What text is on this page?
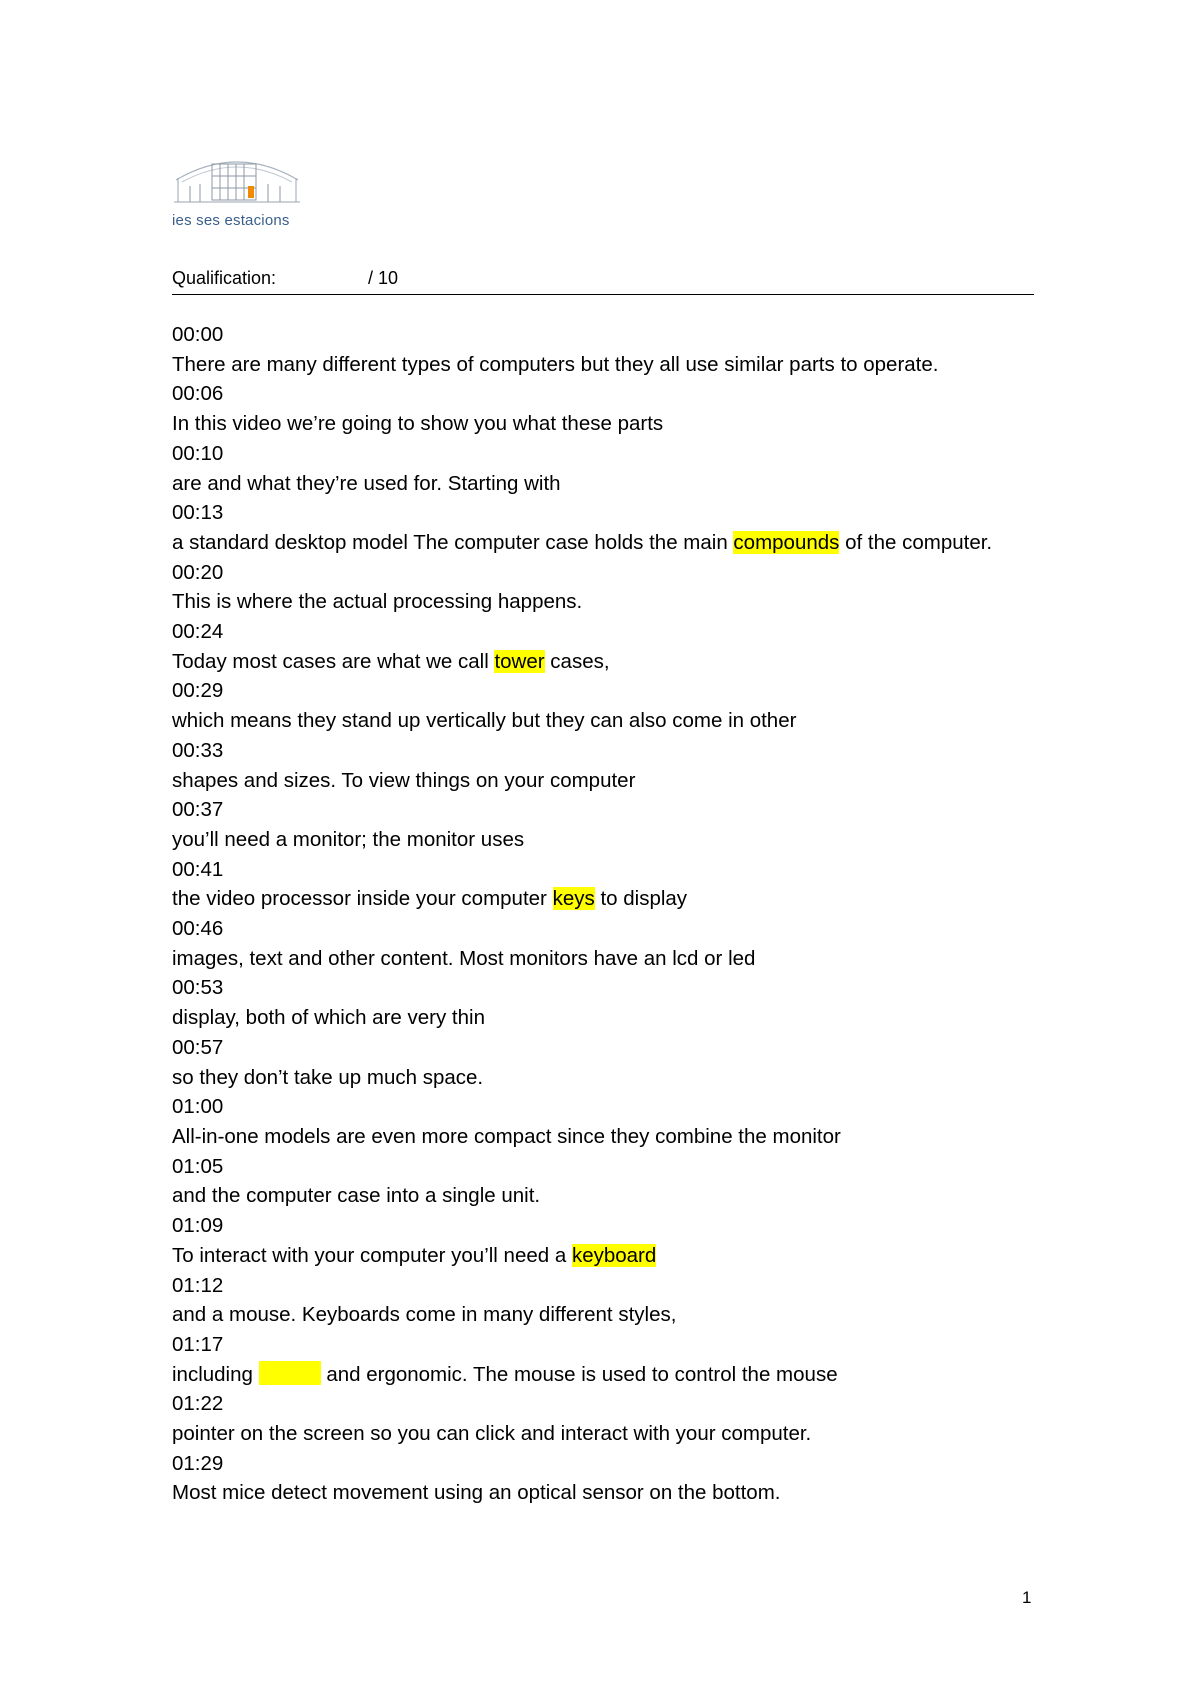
ies ses estacions
Qualification:	/ 10
00:00
There are many different types of computers but they all use similar parts to operate.
00:06
In this video we’re going to show you what these parts
00:10
are and what they’re used for. Starting with
00:13
a standard desktop model The computer case holds the main compounds of the computer.
00:20
This is where the actual processing happens.
00:24
Today most cases are what we call tower cases,
00:29
which means they stand up vertically but they can also come in other
00:33
shapes and sizes. To view things on your computer
00:37
you’ll need a monitor; the monitor uses
00:41
the video processor inside your computer keys to display
00:46
images, text and other content. Most monitors have an lcd or led
00:53
display, both of which are very thin
00:57
so they don’t take up much space.
01:00
All-in-one models are even more compact since they combine the monitor
01:05
and the computer case into a single unit.
01:09
To interact with your computer you’ll need a keyboard
01:12
and a mouse. Keyboards come in many different styles,
01:17
including	and ergonomic. The mouse is used to control the mouse
01:22
pointer on the screen so you can click and interact with your computer.
01:29
Most mice detect movement using an optical sensor on the bottom.
1
